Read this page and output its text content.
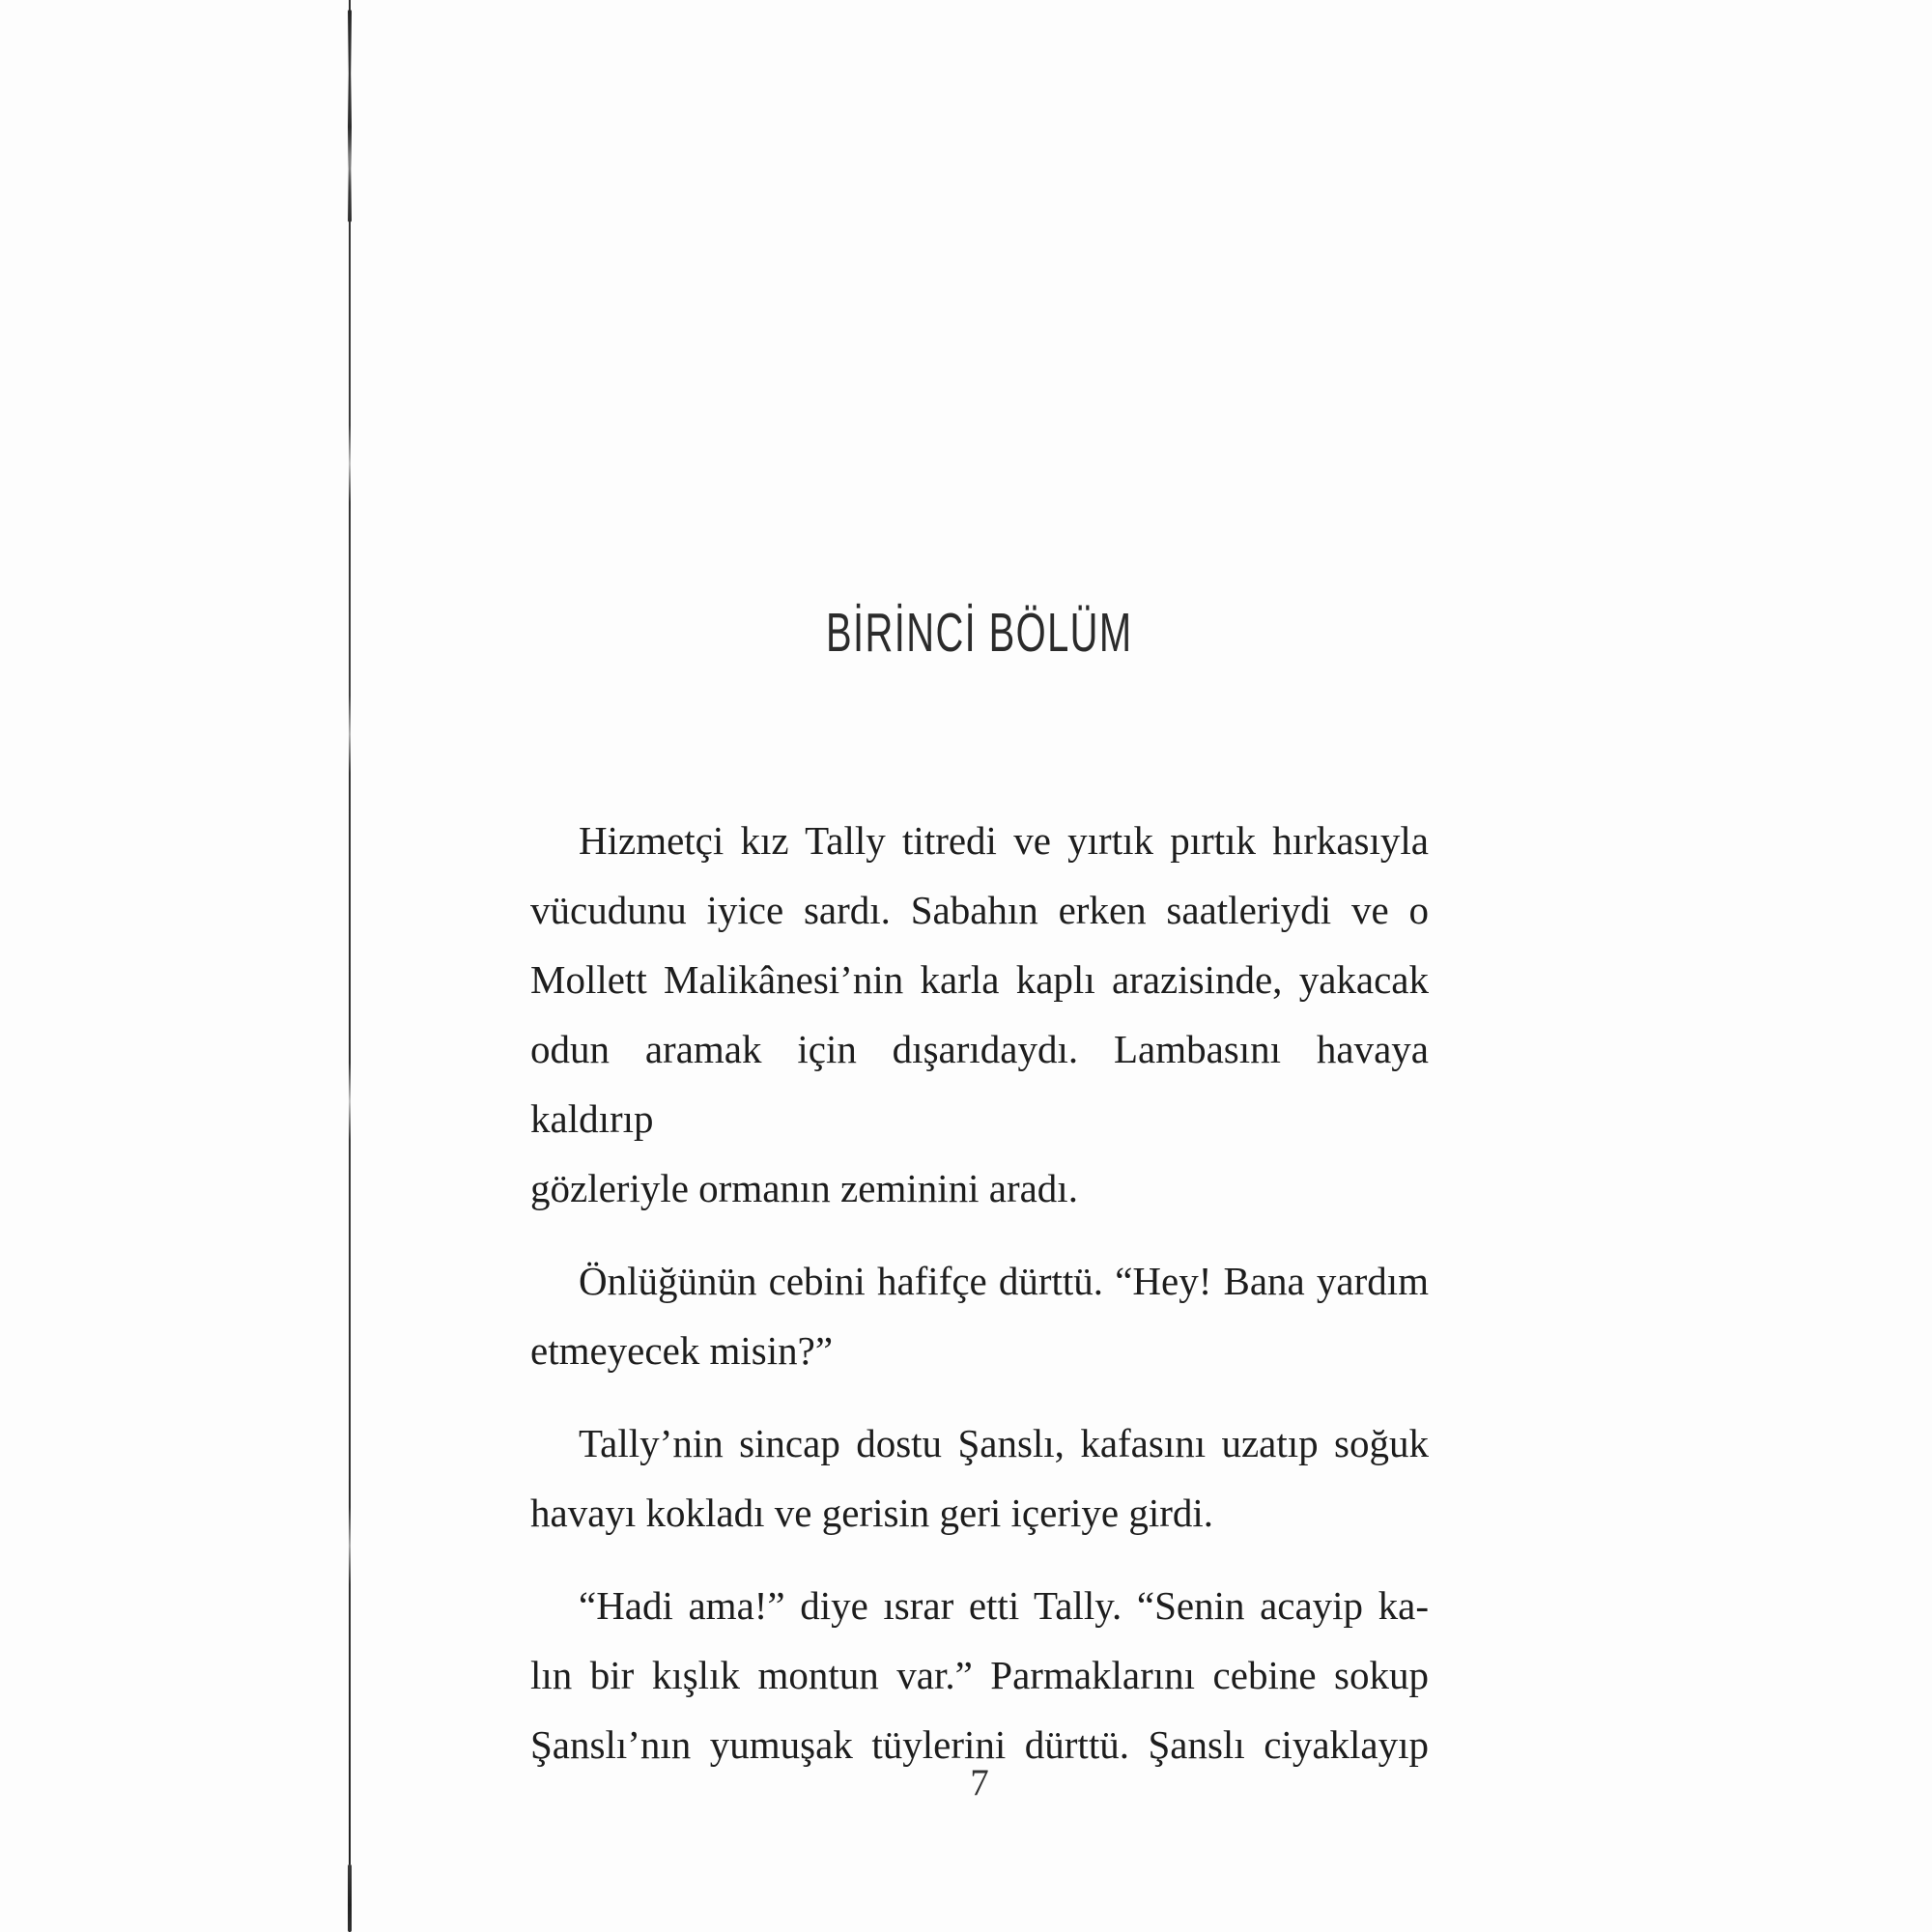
BİRİNCİ BÖLÜM
Hizmetçi kız Tally titredi ve yırtık pırtık hırkasıyla
vücudunu iyice sardı. Sabahın erken saatleriydi ve o
Mollett Malikânesi’nin karla kaplı arazisinde, yakacak
odun aramak için dışarıdaydı. Lambasını havaya kaldırıp
gözleriyle ormanın zeminini aradı.
Önlüğünün cebini hafifçe dürttü. “Hey! Bana yardım
etmeyecek misin?”
Tally’nin sincap dostu Şanslı, kafasını uzatıp soğuk
havayı kokladı ve gerisin geri içeriye girdi.
“Hadi ama!” diye ısrar etti Tally. “Senin acayip ka-
lın bir kışlık montun var.” Parmaklarını cebine sokup
Şanslı’nın yumuşak tüylerini dürttü. Şanslı ciyaklayıp
7
